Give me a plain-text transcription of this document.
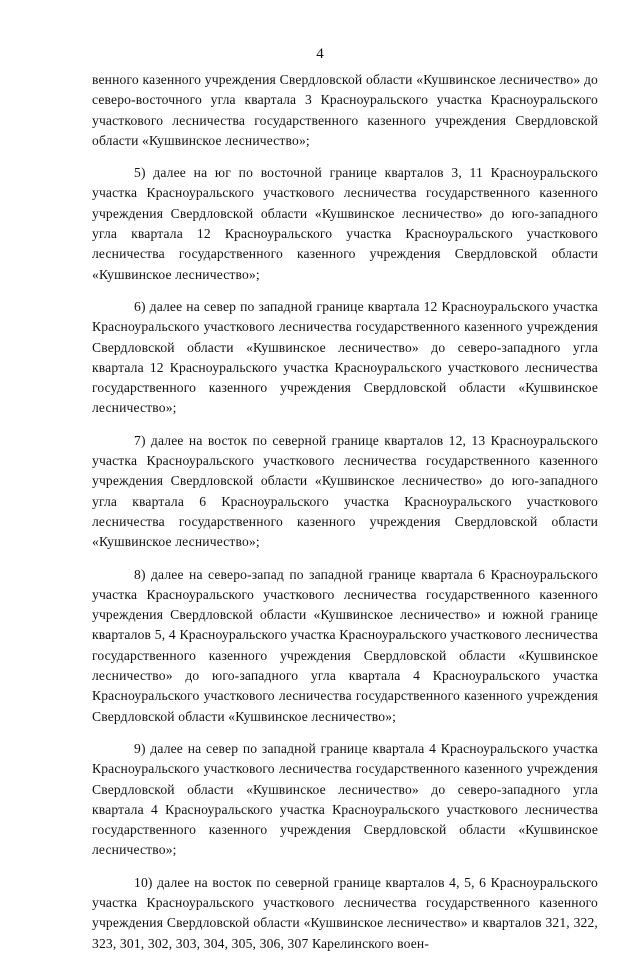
4

венного казенного учреждения Свердловской области «Кушвинское лесничество» до северо-восточного угла квартала 3 Красноуральского участка Красноуральского участкового лесничества государственного казенного учреждения Свердловской области «Кушвинское лесничество»;

5) далее на юг по восточной границе кварталов 3, 11 Красноуральского участка Красноуральского участкового лесничества государственного казенного учреждения Свердловской области «Кушвинское лесничество» до юго-западного угла квартала 12 Красноуральского участка Красноуральского участкового лесничества государственного казенного учреждения Свердловской области «Кушвинское лесничество»;

6) далее на север по западной границе квартала 12 Красноуральского участка Красноуральского участкового лесничества государственного казенного учреждения Свердловской области «Кушвинское лесничество» до северо-западного угла квартала 12 Красноуральского участка Красноуральского участкового лесничества государственного казенного учреждения Свердловской области «Кушвинское лесничество»;

7) далее на восток по северной границе кварталов 12, 13 Красноуральского участка Красноуральского участкового лесничества государственного казенного учреждения Свердловской области «Кушвинское лесничество» до юго-западного угла квартала 6 Красноуральского участка Красноуральского участкового лесничества государственного казенного учреждения Свердловской области «Кушвинское лесничество»;

8) далее на северо-запад по западной границе квартала 6 Красноуральского участка Красноуральского участкового лесничества государственного казенного учреждения Свердловской области «Кушвинское лесничество» и южной границе кварталов 5, 4 Красноуральского участка Красноуральского участкового лесничества государственного казенного учреждения Свердловской области «Кушвинское лесничество» до юго-западного угла квартала 4 Красноуральского участка Красноуральского участкового лесничества государственного казенного учреждения Свердловской области «Кушвинское лесничество»;

9) далее на север по западной границе квартала 4 Красноуральского участка Красноуральского участкового лесничества государственного казенного учреждения Свердловской области «Кушвинское лесничество» до северо-западного угла квартала 4 Красноуральского участка Красноуральского участкового лесничества государственного казенного учреждения Свердловской области «Кушвинское лесничество»;

10) далее на восток по северной границе кварталов 4, 5, 6 Красноуральского участка Красноуральского участкового лесничества государственного казенного учреждения Свердловской области «Кушвинское лесничество» и кварталов 321, 322, 323, 301, 302, 303, 304, 305, 306, 307 Карелинского воен-
